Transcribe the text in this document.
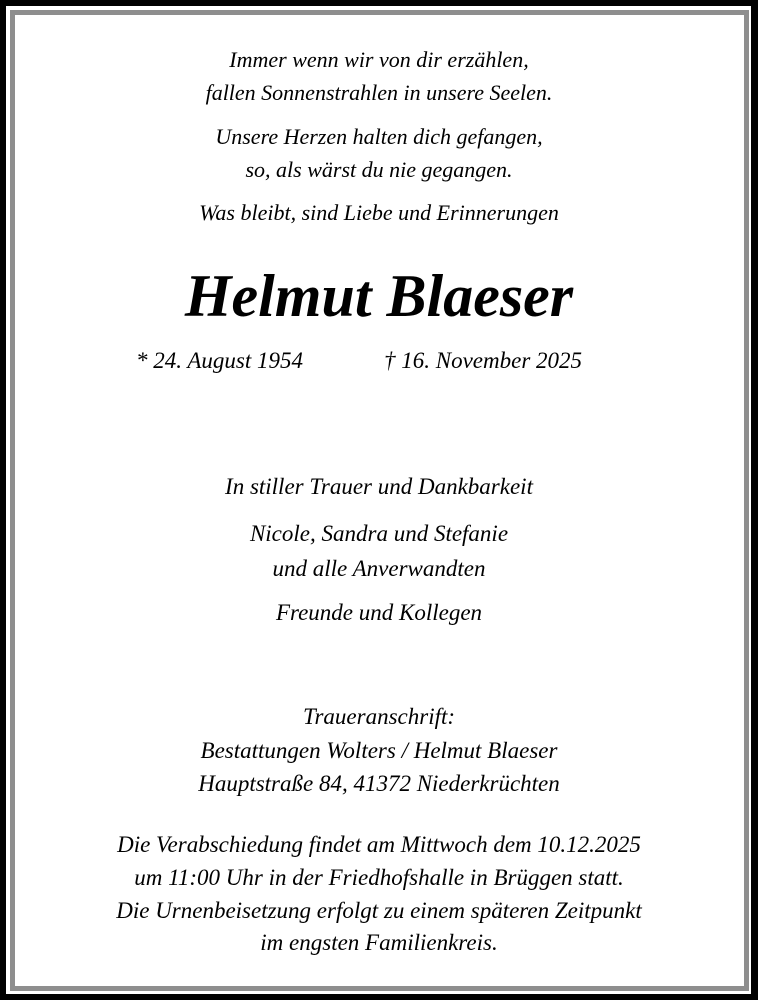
Immer wenn wir von dir erzählen,
fallen Sonnenstrahlen in unsere Seelen.
Unsere Herzen halten dich gefangen,
so, als wärst du nie gegangen.
Was bleibt, sind Liebe und Erinnerungen
Helmut Blaeser
* 24. August 1954	† 16. November 2025
In stiller Trauer und Dankbarkeit
Nicole, Sandra und Stefanie
und alle Anverwandten
Freunde und Kollegen
Traueranschrift:
Bestattungen Wolters / Helmut Blaeser
Hauptstraße 84, 41372 Niederkrüchten
Die Verabschiedung findet am Mittwoch dem 10.12.2025
um 11:00 Uhr in der Friedhofshalle in Brüggen statt.
Die Urnenbeisetzung erfolgt zu einem späteren Zeitpunkt
im engsten Familienkreis.
